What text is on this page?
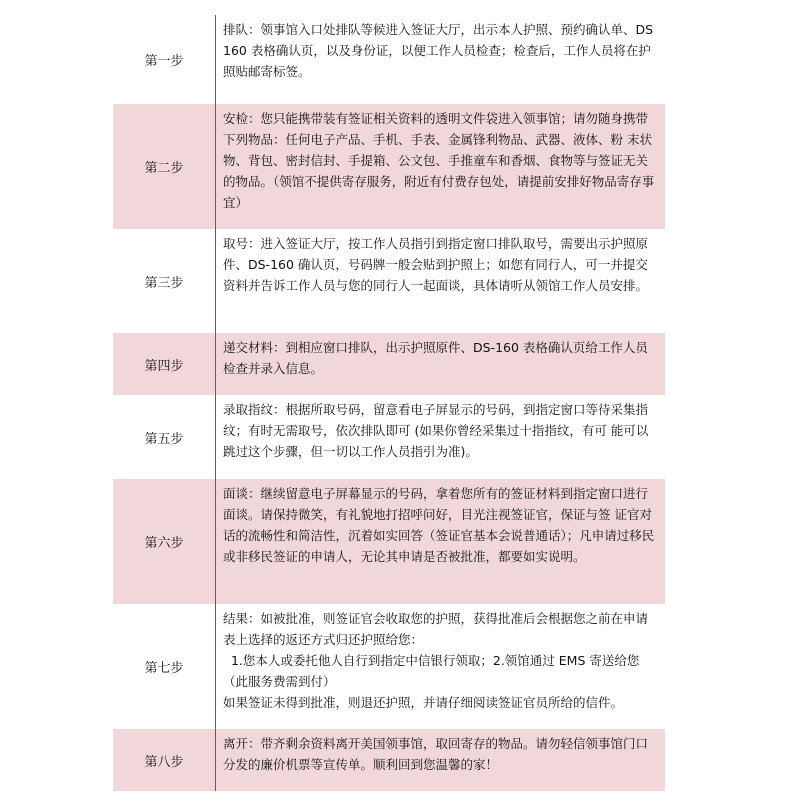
第一步
排队：领事馆入口处排队等候进入签证大厅，出示本人护照、预约确认单、DS160 表格确认页，以及身份证，以便工作人员检查；检查后，工作人员将在护照贴邮寄标签。
第二步
安检：您只能携带装有签证相关资料的透明文件袋进入领事馆；请勿随身携带下列物品：任何电子产品、手机、手表、金属锋利物品、武器、液体、粉 末状物、背包、密封信封、手提箱、公文包、手推童车和香烟、食物等与签证无关的物品。（领馆不提供寄存服务，附近有付费存包处，请提前安排好物品寄存事宜）
第三步
取号：进入签证大厅，按工作人员指引到指定窗口排队取号，需要出示护照原件、DS-160 确认页，号码牌一般会贴到护照上；如您有同行人，可一并提交资料并告诉工作人员与您的同行人一起面谈，具体请听从领馆工作人员安排。
第四步
递交材料：到相应窗口排队，出示护照原件、DS-160 表格确认页给工作人员检查并录入信息。
第五步
录取指纹：根据所取号码，留意看电子屏显示的号码，到指定窗口等待采集指纹；有时无需取号，依次排队即可 (如果你曾经采集过十指指纹，有可 能可以跳过这个步骤，但一切以工作人员指引为准)。
第六步
面谈：继续留意电子屏幕显示的号码，拿着您所有的签证材料到指定窗口进行面谈。请保持微笑，有礼貌地打招呼问好，目光注视签证官，保证与签 证官对话的流畅性和简洁性，沉着如实回答（签证官基本会说普通话）；凡申请过移民或非移民签证的申请人，无论其申请是否被批准，都要如实说明。
第七步
结果：如被批准，则签证官会收取您的护照，获得批准后会根据您之前在申请表上选择的返还方式归还护照给您：
1.您本人或委托他人自行到指定中信银行领取；2.领馆通过 EMS 寄送给您（此服务费需到付）
如果签证未得到批准，则退还护照，并请仔细阅读签证官员所给的信件。
第八步
离开：带齐剩余资料离开美国领事馆，取回寄存的物品。请勿轻信领事馆门口分发的廉价机票等宣传单。顺利回到您温馨的家！
